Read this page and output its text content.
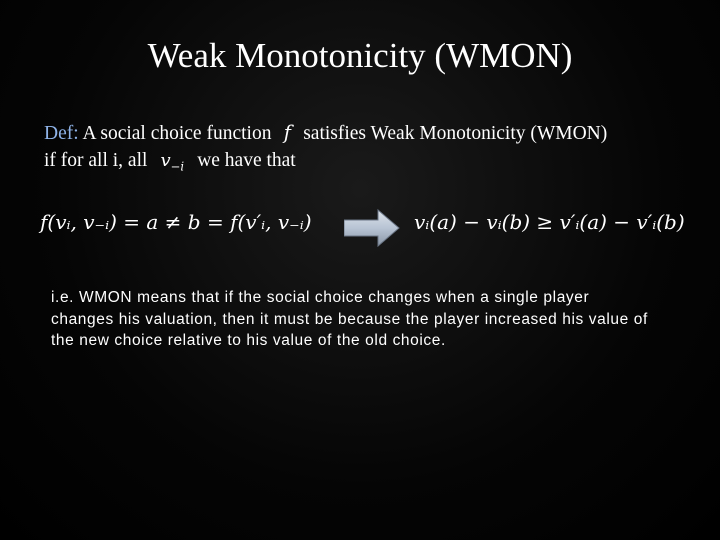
Weak Monotonicity (WMON)
Def: A social choice function f satisfies Weak Monotonicity (WMON)
if for all i, all $v_{-i}$ we have that
f(vᵢ, v₋ᵢ) = a ≠ b = f(v′ᵢ, v₋ᵢ)	vᵢ(a) − vᵢ(b) ≥ v′ᵢ(a) − v′ᵢ(b)
i.e. WMON means that if the social choice changes when a single player changes his valuation, then it must be because the player increased his value of the new choice relative to his value of the old choice.
